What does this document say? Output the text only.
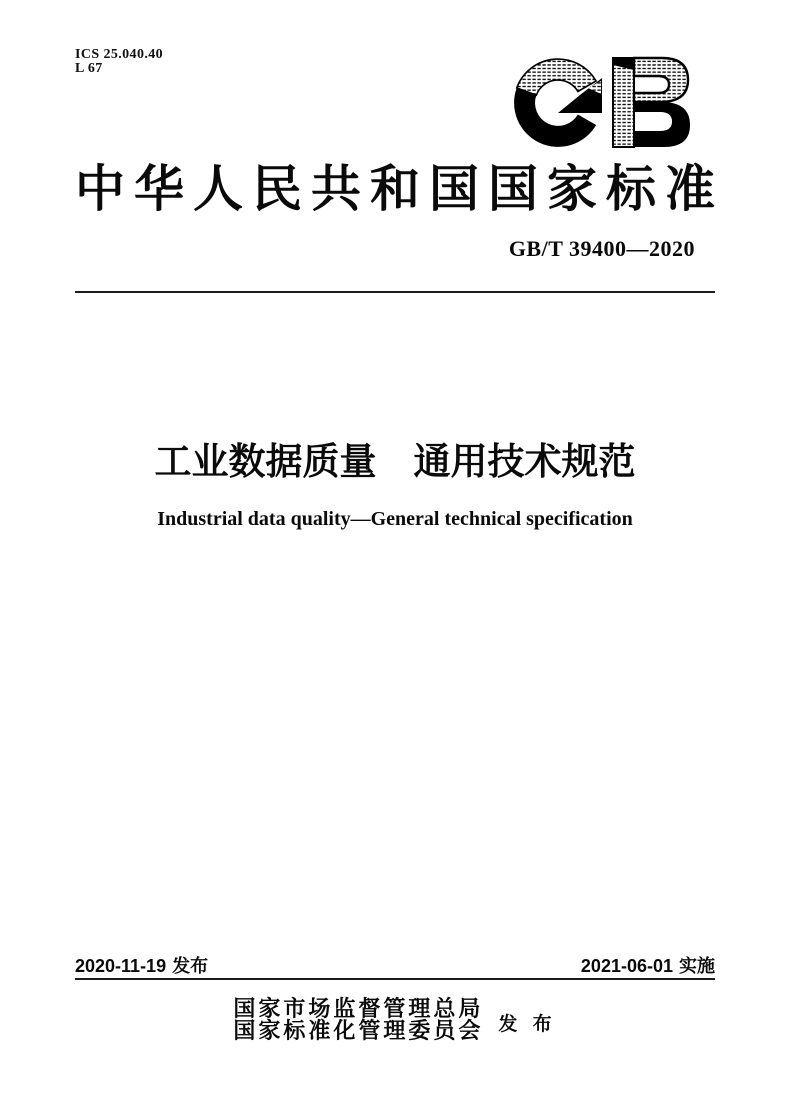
ICS 25.040.40
L 67
中华人民共和国国家标准
GB/T 39400—2020
工业数据质量　通用技术规范
Industrial data quality—General technical specification
2020-11-19 发布	2021-06-01 实施
国家市场监督管理总局
国家标准化管理委员会 发 布
